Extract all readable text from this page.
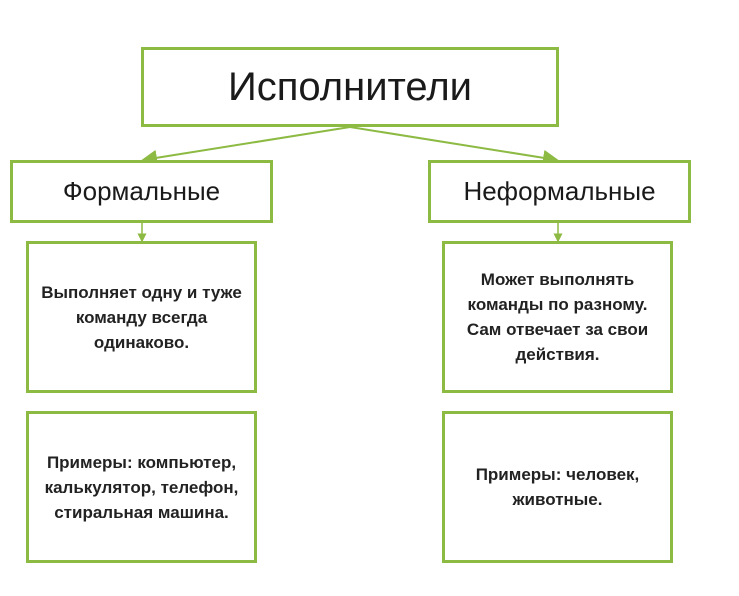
Исполнители
Формальные	Неформальные
Выполняет одну и туже команду всегда одинаково.
Может выполнять команды по разному. Сам отвечает за свои действия.
Примеры: компьютер, калькулятор, телефон, стиральная машина.
Примеры: человек, животные.
